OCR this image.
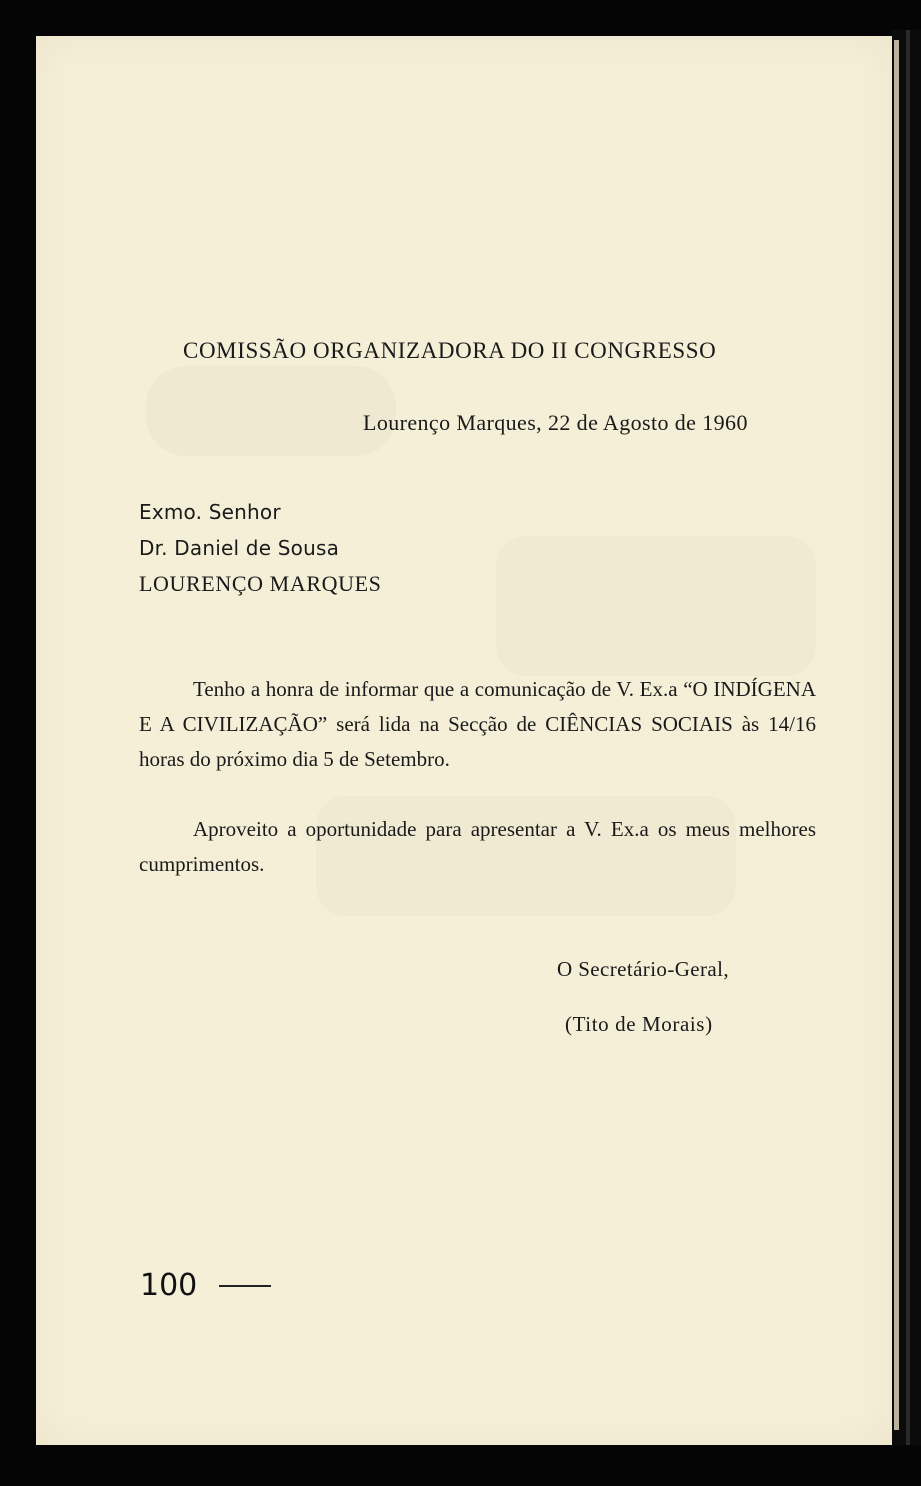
COMISSÃO ORGANIZADORA DO II CONGRESSO
Lourenço Marques, 22 de Agosto de 1960
Exmo. Senhor
Dr. Daniel de Sousa
LOURENÇO MARQUES
Tenho a honra de informar que a comunicação de V. Ex.a “O INDÍGENA E A CIVILIZAÇÃO” será lida na Secção de CIÊNCIAS SOCIAIS às 14/16 horas do próximo dia 5 de Setembro.
Aproveito a oportunidade para apresentar a V. Ex.a os meus melhores cumprimentos.
O Secretário-Geral,
(Tito de Morais)
100
